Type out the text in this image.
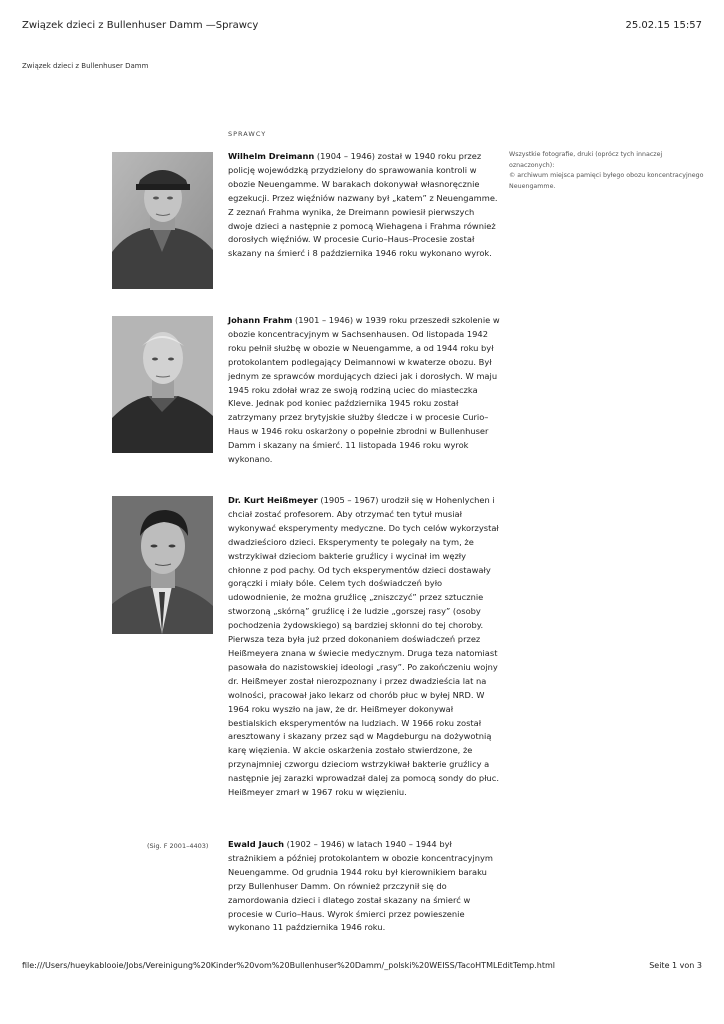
Związek dzieci z Bullenhuser Damm —Sprawcy	25.02.15 15:57
Związek dzieci z Bullenhuser Damm
SPRAWCY
Wilhelm Dreimann (1904 – 1946) został w 1940 roku przez policję wojewódzką przydzielony do sprawowania kontroli w obozie Neuengamme. W barakach dokonywał własnoręcznie egzekucji. Przez więźniów nazwany był „katem” z Neuengamme. Z zeznań Frahma wynika, że Dreimann powiesił pierwszych dwoje dzieci a następnie z pomocą Wiehagena i Frahma również dorosłych więźniów. W procesie Curio–Haus–Procesie został skazany na śmierć i 8 października 1946 roku wykonano wyrok.
Johann Frahm (1901 – 1946) w 1939 roku przeszedł szkolenie w obozie koncentracyjnym w Sachsenhausen. Od listopada 1942 roku pełnił służbę w obozie w Neuengamme, a od 1944 roku był protokolantem podlegający Deimannowi w kwaterze obozu. Był jednym ze sprawców mordujących dzieci jak i dorosłych. W maju 1945 roku zdołał wraz ze swoją rodziną uciec do miasteczka Kleve. Jednak pod koniec października 1945 roku został zatrzymany przez brytyjskie służby śledcze i w procesie Curio–Haus w 1946 roku oskarżony o popełnie zbrodni w Bullenhuser Damm i skazany na śmierć. 11 listopada 1946 roku wyrok wykonano.
Dr. Kurt Heißmeyer (1905 – 1967) urodził się w Hohenlychen i chciał zostać profesorem. Aby otrzymać ten tytuł musiał wykonywać eksperymenty medyczne. Do tych celów wykorzystał dwadzieścioro dzieci. Eksperymenty te polegały na tym, że wstrzykiwał dzieciom bakterie gruźlicy i wycinał im węzły chłonne z pod pachy. Od tych eksperymentów dzieci dostawały gorączki i miały bóle. Celem tych doświadczeń było udowodnienie, że można gruźlicę „zniszczyć” przez sztucznie stworzoną „skórną” gruźlicę i że ludzie „gorszej rasy” (osoby pochodzenia żydowskiego) są bardziej skłonni do tej choroby. Pierwsza teza była już przed dokonaniem doświadczeń przez Heißmeyera znana w świecie medycznym. Druga teza natomiast pasowała do nazistowskiej ideologi „rasy”. Po zakończeniu wojny dr. Heißmeyer został nierozpoznany i przez dwadzieścia lat na wolności, pracował jako lekarz od chorób płuc w byłej NRD. W 1964 roku wyszło na jaw, że dr. Heißmeyer dokonywał bestialskich eksperymentów na ludziach. W 1966 roku został aresztowany i skazany przez sąd w Magdeburgu na dożywotnią karę więzienia. W akcie oskarżenia zostało stwierdzone, że przynajmniej czworgu dzieciom wstrzykiwał bakterie gruźlicy a następnie jej zarazki wprowadzał dalej za pomocą sondy do płuc. Heißmeyer zmarł w 1967 roku w więzieniu.
(Sig. F 2001–4403) Ewald Jauch (1902 – 1946) w latach 1940 – 1944 był strażnikiem a później protokolantem w obozie koncentracyjnym Neuengamme. Od grudnia 1944 roku był kierownikiem baraku przy Bullenhuser Damm. On również przczynił się do zamordowania dzieci i dlatego został skazany na śmierć w procesie w Curio–Haus. Wyrok śmierci przez powieszenie wykonano 11 października 1946 roku.
Wszystkie fotografie, druki (oprócz tych innaczej oznaczonych):
© archiwum miejsca pamięci byłego obozu koncentracyjnego Neuengamme.
file:///Users/hueykablooie/Jobs/Vereinigung%20Kinder%20vom%20Bullenhuser%20Damm/_polski%20WEISS/TacoHTMLEditTemp.html	Seite 1 von 3
